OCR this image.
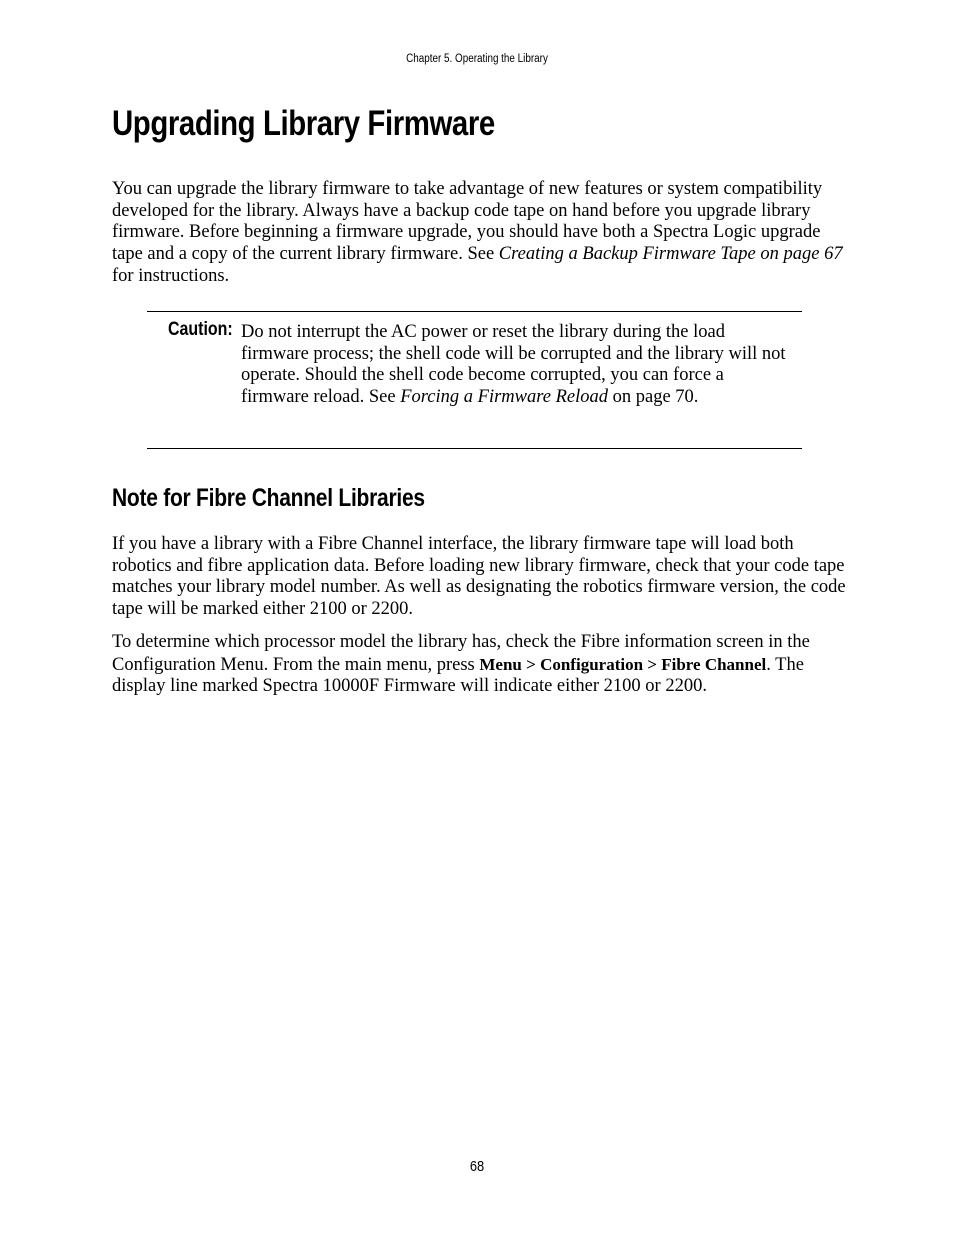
Chapter 5. Operating the Library
Upgrading Library Firmware

You can upgrade the library firmware to take advantage of new features or system compatibility developed for the library. Always have a backup code tape on hand before you upgrade library firmware. Before beginning a firmware upgrade, you should have both a Spectra Logic upgrade tape and a copy of the current library firmware. See Creating a Backup Firmware Tape on page 67 for instructions.

Caution: Do not interrupt the AC power or reset the library during the load firmware process; the shell code will be corrupted and the library will not operate. Should the shell code become corrupted, you can force a firmware reload. See Forcing a Firmware Reload on page 70.

Note for Fibre Channel Libraries

If you have a library with a Fibre Channel interface, the library firmware tape will load both robotics and fibre application data. Before loading new library firmware, check that your code tape matches your library model number. As well as designating the robotics firmware version, the code tape will be marked either 2100 or 2200.

To determine which processor model the library has, check the Fibre information screen in the Configuration Menu. From the main menu, press Menu > Configuration > Fibre Channel. The display line marked Spectra 10000F Firmware will indicate either 2100 or 2200.

68
